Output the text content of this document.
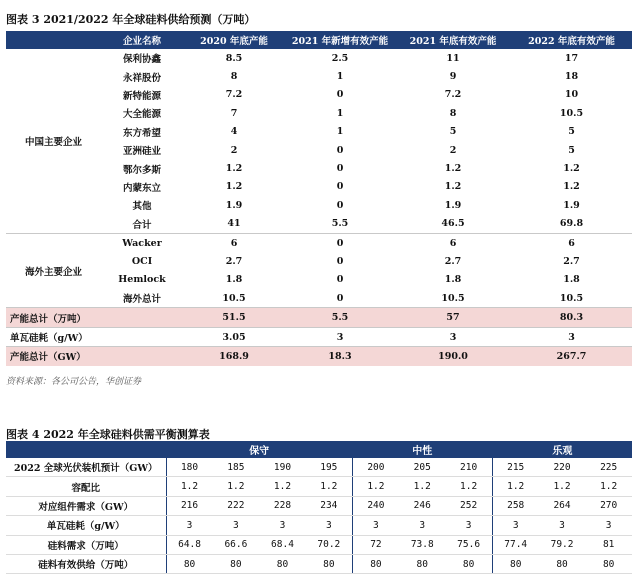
图表 3 2021/2022 年全球硅料供给预测（万吨）
	企业名称	2020 年底产能	2021 年新增有效产能	2021 年底有效产能	2022 年底有效产能
中国主要企业	保利协鑫	8.5	2.5	11	17
	永祥股份	8	1	9	18
	新特能源	7.2	0	7.2	10
	大全能源	7	1	8	10.5
	东方希望	4	1	5	5
	亚洲硅业	2	0	2	5
	鄂尔多斯	1.2	0	1.2	1.2
	内蒙东立	1.2	0	1.2	1.2
	其他	1.9	0	1.9	1.9
	合计	41	5.5	46.5	69.8
海外主要企业	Wacker	6	0	6	6
	OCI	2.7	0	2.7	2.7
	Hemlock	1.8	0	1.8	1.8
	海外总计	10.5	0	10.5	10.5
产能总计（万吨）		51.5	5.5	57	80.3
单瓦硅耗（g/W）		3.05	3	3	3
产能总计（GW）		168.9	18.3	190.0	267.7
资料来源：各公司公告，华创证券
图表 4 2022 年全球硅料供需平衡测算表
	保守				中性			乐观		
2022 全球光伏装机预计（GW）	180	185	190	195	200	205	210	215	220	225
容配比	1.2	1.2	1.2	1.2	1.2	1.2	1.2	1.2	1.2	1.2
对应组件需求（GW）	216	222	228	234	240	246	252	258	264	270
单瓦硅耗（g/W）	3	3	3	3	3	3	3	3	3	3
硅料需求（万吨）	64.8	66.6	68.4	70.2	72	73.8	75.6	77.4	79.2	81
硅料有效供给（万吨）	80	80	80	80	80	80	80	80	80	80
